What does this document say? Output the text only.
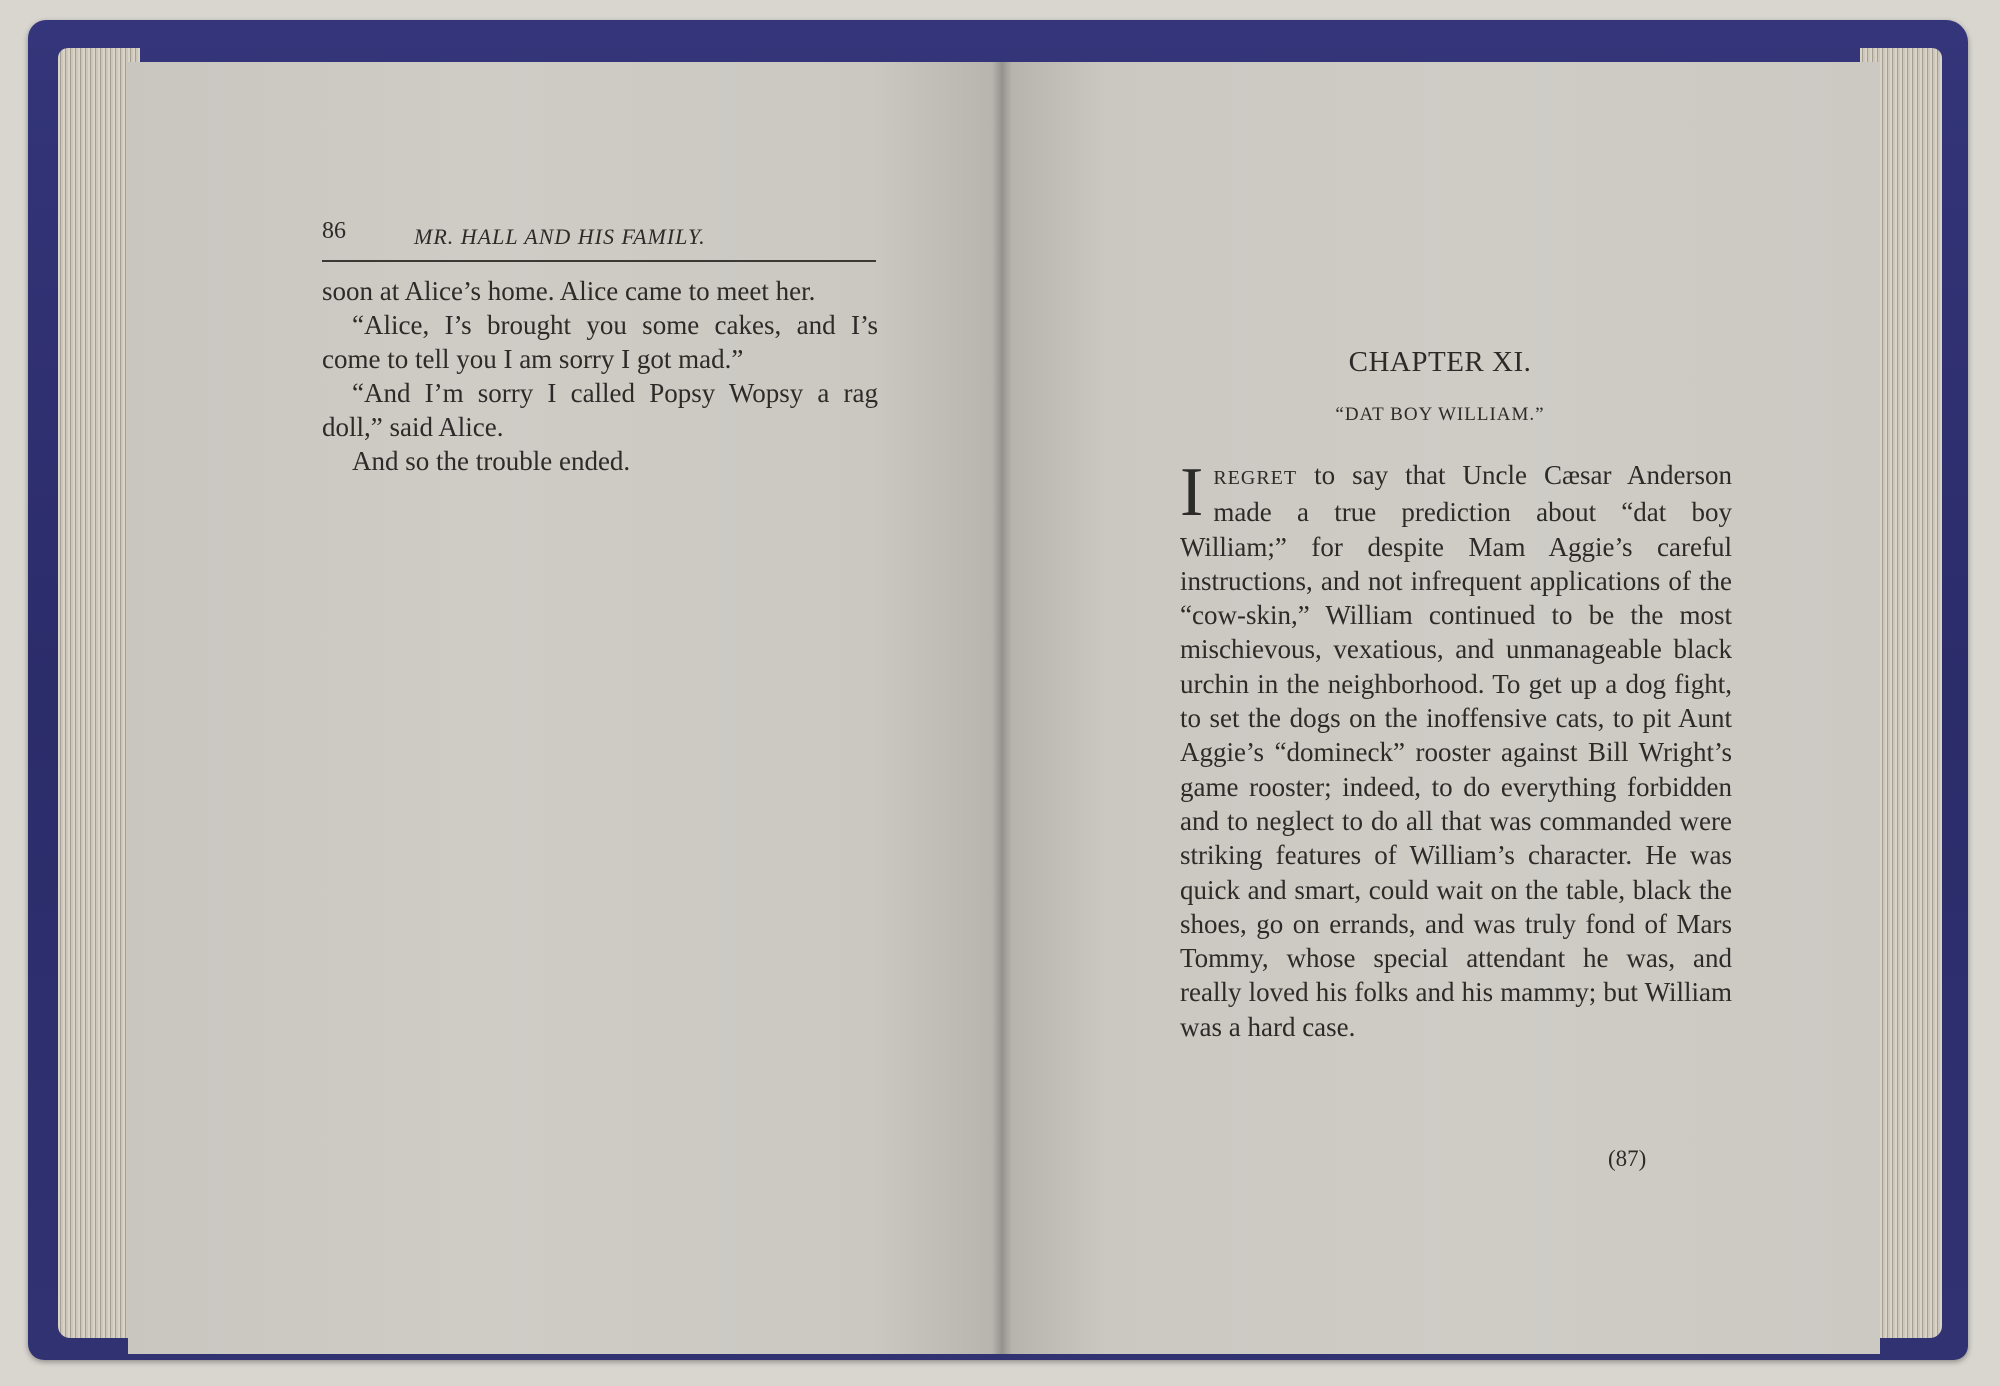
86	MR. HALL AND HIS FAMILY.

soon at Alice’s home. Alice came to meet her.

“Alice, I’s brought you some cakes, and I’s come to tell you I am sorry I got mad.”

“And I’m sorry I called Popsy Wopsy a rag doll,” said Alice.

And so the trouble ended.

CHAPTER XI.
“DAT BOY WILLIAM.”

IREGRET to say that Uncle Cæsar Anderson made a true prediction about “dat boy William;” for despite Mam Aggie’s careful instructions, and not infrequent applications of the “cow-skin,” William continued to be the most mischievous, vexatious, and unmanageable black urchin in the neighborhood. To get up a dog fight, to set the dogs on the inoffensive cats, to pit Aunt Aggie’s “domineck” rooster against Bill Wright’s game rooster; indeed, to do everything forbidden and to neglect to do all that was commanded were striking features of William’s character. He was quick and smart, could wait on the table, black the shoes, go on errands, and was truly fond of Mars Tommy, whose special attendant he was, and really loved his folks and his mammy; but William was a hard case.

(87)
